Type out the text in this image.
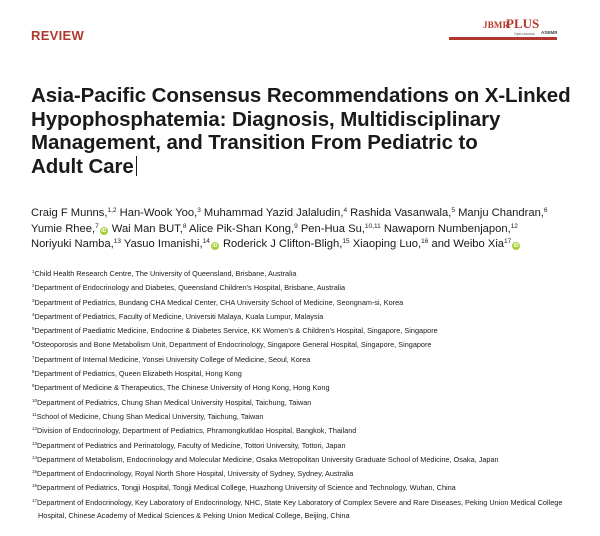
REVIEW
JBMR
PLUS
Open Access ASBMR
Asia-Pacific Consensus Recommendations on X-Linked
Hypophosphatemia: Diagnosis, Multidisciplinary
Management, and Transition From Pediatric to
Adult Care
Craig F Munns,$^{1,2}$ Han-Wook Yoo,$^3$ Muhammad Yazid Jalaludin,$^4$ Rashida Vasanwala,$^5$ Manju Chandran,$^6$
Yumie Rhee,$^7$iD Wai Man BUT,$^8$ Alice Pik-Shan Kong,$^9$ Pen-Hua Su,$^{10,11}$ Nawaporn Numbenjapon,$^{12}$
Noriyuki Namba,$^{13}$ Yasuo Imanishi,$^{14}$iD Roderick J Clifton-Bligh,$^{15}$ Xiaoping Luo,$^{16}$ and Weibo Xia$^{17}$iD
$^1$Child Health Research Centre, The University of Queensland, Brisbane, Australia
$^2$Department of Endocrinology and Diabetes, Queensland Children’s Hospital, Brisbane, Australia
$^3$Department of Pediatrics, Bundang CHA Medical Center, CHA University School of Medicine, Seongnam-si, Korea
$^4$Department of Pediatrics, Faculty of Medicine, Universiti Malaya, Kuala Lumpur, Malaysia
$^5$Department of Paediatric Medicine, Endocrine & Diabetes Service, KK Women’s & Children’s Hospital, Singapore, Singapore
$^6$Osteoporosis and Bone Metabolism Unit, Department of Endocrinology, Singapore General Hospital, Singapore, Singapore
$^7$Department of Internal Medicine, Yonsei University College of Medicine, Seoul, Korea
$^8$Department of Pediatrics, Queen Elizabeth Hospital, Hong Kong
$^9$Department of Medicine & Therapeutics, The Chinese University of Hong Kong, Hong Kong
$^{10}$Department of Pediatrics, Chung Shan Medical University Hospital, Taichung, Taiwan
$^{11}$School of Medicine, Chung Shan Medical University, Taichung, Taiwan
$^{12}$Division of Endocrinology, Department of Pediatrics, Phramongkutklao Hospital, Bangkok, Thailand
$^{13}$Department of Pediatrics and Perinatology, Faculty of Medicine, Tottori University, Tottori, Japan
$^{14}$Department of Metabolism, Endocrinology and Molecular Medicine, Osaka Metropolitan University Graduate School of Medicine, Osaka, Japan
$^{15}$Department of Endocrinology, Royal North Shore Hospital, University of Sydney, Sydney, Australia
$^{16}$Department of Pediatrics, Tongji Hospital, Tongji Medical College, Huazhong University of Science and Technology, Wuhan, China
$^{17}$Department of Endocrinology, Key Laboratory of Endocrinology, NHC, State Key Laboratory of Complex Severe and Rare Diseases, Peking Union Medical College Hospital, Chinese Academy of Medical Sciences & Peking Union Medical College, Beijing, China
